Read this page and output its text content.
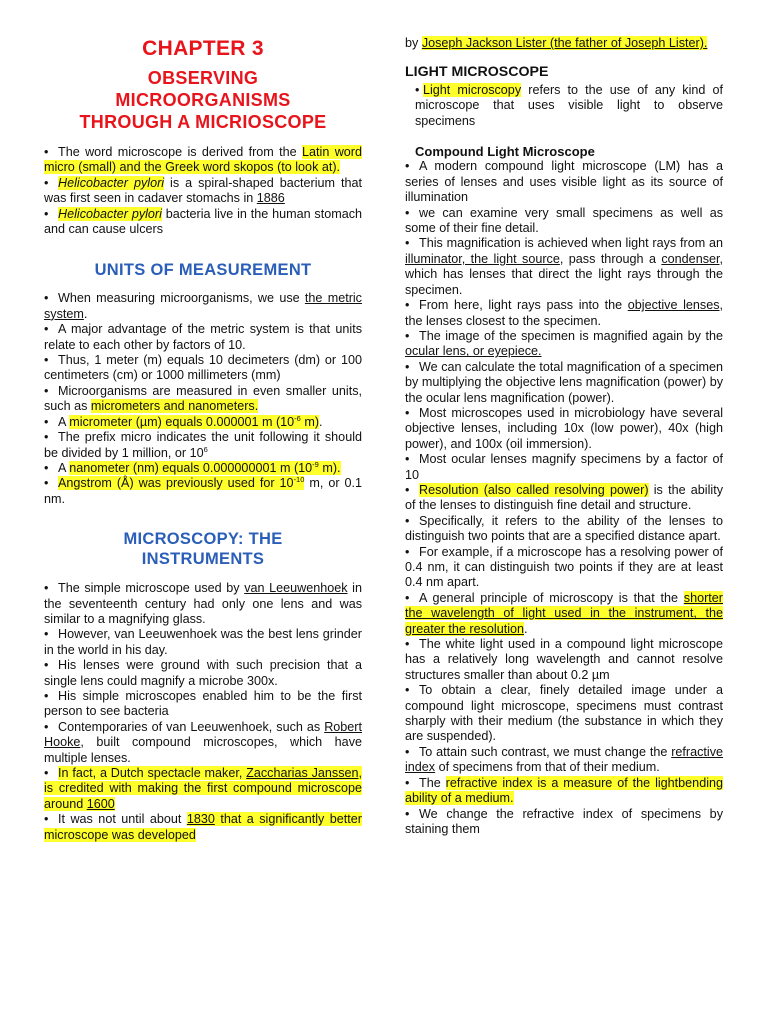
CHAPTER 3
OBSERVING
MICROORGANISMS
THROUGH A MICRIOSCOPE

•The word microscope is derived from the Latin word micro (small) and the Greek word skopos (to look at).

•Helicobacter pylori is a spiral-shaped bacterium that was first seen in cadaver stomachs in 1886

•Helicobacter pylori bacteria live in the human stomach and can cause ulcers

UNITS OF MEASUREMENT

•When measuring microorganisms, we use the metric system.

•A major advantage of the metric system is that units relate to each other by factors of 10.

•Thus, 1 meter (m) equals 10 decimeters (dm) or 100 centimeters (cm) or 1000 millimeters (mm)

•Microorganisms are measured in even smaller units, such as micrometers and nanometers.

•A micrometer (µm) equals 0.000001 m ($10^{-6}$ m).

•The prefix micro indicates the unit following it should be divided by 1 million, or $10^6$

•A nanometer (nm) equals 0.000000001 m ($10^{-9}$ m).

•Angstrom (Å) was previously used for $10^{-10}$ m, or 0.1 nm.

MICROSCOPY: THE
INSTRUMENTS

•The simple microscope used by van Leeuwenhoek in the seventeenth century had only one lens and was similar to a magnifying glass.

•However, van Leeuwenhoek was the best lens grinder in the world in his day.

•His lenses were ground with such precision that a single lens could magnify a microbe 300x.

•His simple microscopes enabled him to be the first person to see bacteria

•Contemporaries of van Leeuwenhoek, such as Robert Hooke, built compound microscopes, which have multiple lenses.

•In fact, a Dutch spectacle maker, Zaccharias Janssen, is credited with making the first compound microscope around 1600

•It was not until about 1830 that a significantly better microscope was developed

by Joseph Jackson Lister (the father of Joseph Lister).

LIGHT MICROSCOPE

•Light microscopy refers to the use of any kind of microscope that uses visible light to observe specimens

Compound Light Microscope

•A modern compound light microscope (LM) has a series of lenses and uses visible light as its source of illumination

•we can examine very small specimens as well as some of their fine detail.

•This magnification is achieved when light rays from an illuminator, the light source, pass through a condenser, which has lenses that direct the light rays through the specimen.

•From here, light rays pass into the objective lenses, the lenses closest to the specimen.

•The image of the specimen is magnified again by the ocular lens, or eyepiece.

•We can calculate the total magnification of a specimen by multiplying the objective lens magnification (power) by the ocular lens magnification (power).

•Most microscopes used in microbiology have several objective lenses, including 10x (low power), 40x (high power), and 100x (oil immersion).

•Most ocular lenses magnify specimens by a factor of 10

•Resolution (also called resolving power) is the ability of the lenses to distinguish fine detail and structure.

•Specifically, it refers to the ability of the lenses to distinguish two points that are a specified distance apart.

•For example, if a microscope has a resolving power of 0.4 nm, it can distinguish two points if they are at least 0.4 nm apart.

•A general principle of microscopy is that the shorter the wavelength of light used in the instrument, the greater the resolution.

•The white light used in a compound light microscope has a relatively long wavelength and cannot resolve structures smaller than about 0.2 µm

•To obtain a clear, finely detailed image under a compound light microscope, specimens must contrast sharply with their medium (the substance in which they are suspended).

•To attain such contrast, we must change the refractive index of specimens from that of their medium.

•The refractive index is a measure of the lightbending ability of a medium.

•We change the refractive index of specimens by staining them
